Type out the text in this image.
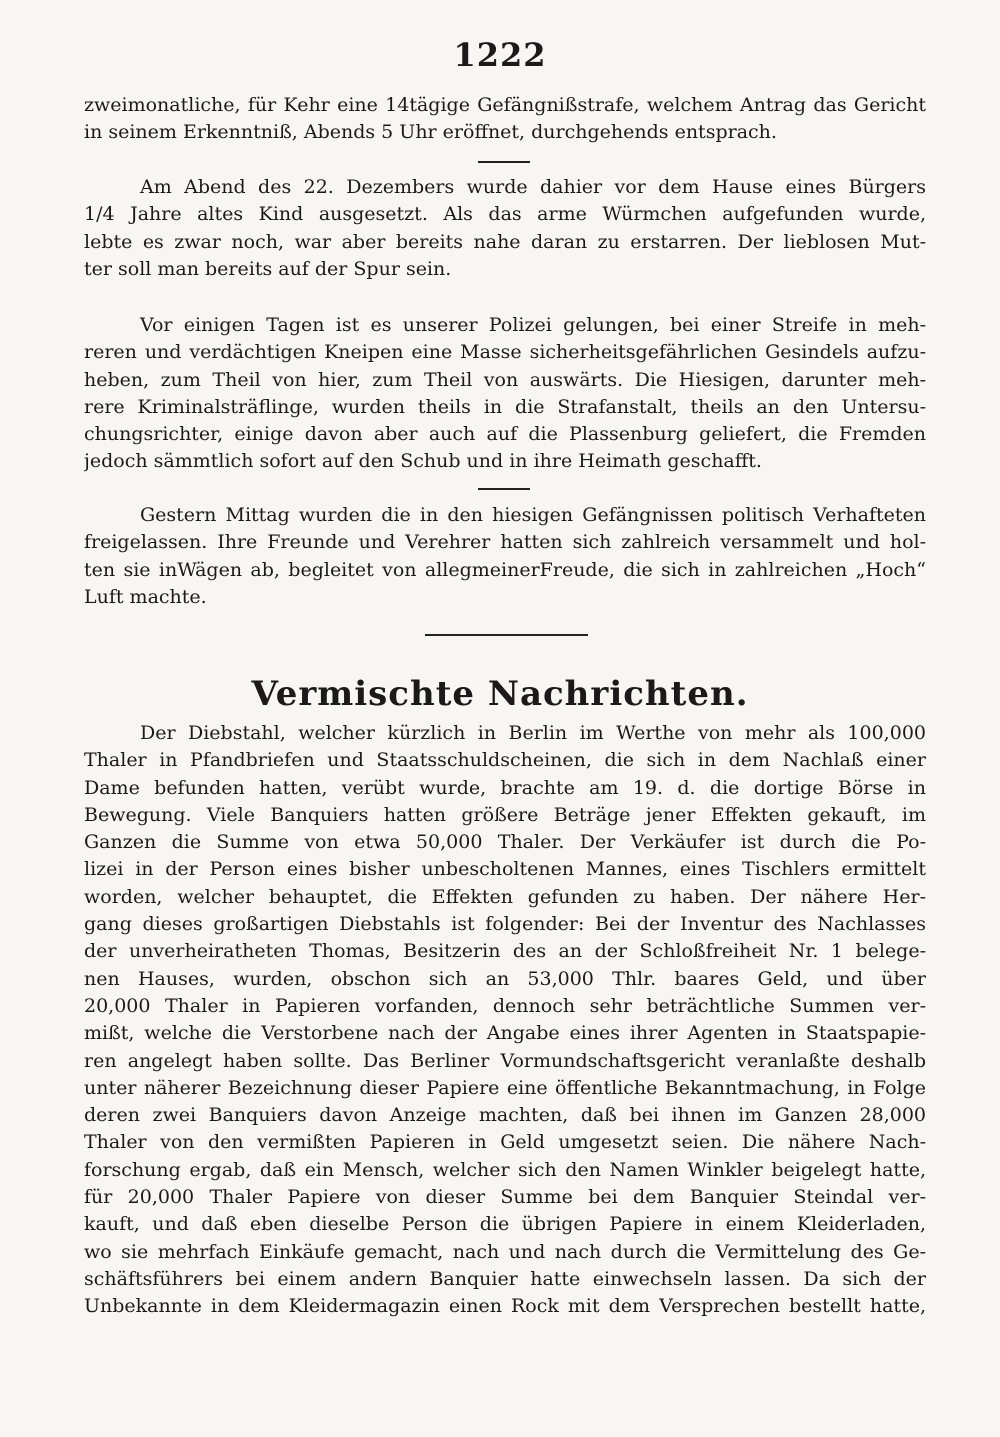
1222
zweimonatliche, für Kehr eine 14tägige Gefängnißstrafe, welchem Antrag das Gericht
in seinem Erkenntniß, Abends 5 Uhr eröffnet, durchgehends entsprach.
Am Abend des 22. Dezembers wurde dahier vor dem Hause eines Bürgers
1/4 Jahre altes Kind ausgesetzt. Als das arme Würmchen aufgefunden wurde,
lebte es zwar noch, war aber bereits nahe daran zu erstarren. Der lieblosen Mut-
ter soll man bereits auf der Spur sein.
Vor einigen Tagen ist es unserer Polizei gelungen, bei einer Streife in meh-
reren und verdächtigen Kneipen eine Masse sicherheitsgefährlichen Gesindels aufzu-
heben, zum Theil von hier, zum Theil von auswärts. Die Hiesigen, darunter meh-
rere Kriminalsträflinge, wurden theils in die Strafanstalt, theils an den Untersu-
chungsrichter, einige davon aber auch auf die Plassenburg geliefert, die Fremden
jedoch sämmtlich sofort auf den Schub und in ihre Heimath geschafft.
Gestern Mittag wurden die in den hiesigen Gefängnissen politisch Verhafteten
freigelassen. Ihre Freunde und Verehrer hatten sich zahlreich versammelt und hol-
ten sie inWägen ab, begleitet von allegmeinerFreude, die sich in zahlreichen „Hoch“
Luft machte.
Vermischte Nachrichten.
Der Diebstahl, welcher kürzlich in Berlin im Werthe von mehr als 100,000
Thaler in Pfandbriefen und Staatsschuldscheinen, die sich in dem Nachlaß einer
Dame befunden hatten, verübt wurde, brachte am 19. d. die dortige Börse in
Bewegung. Viele Banquiers hatten größere Beträge jener Effekten gekauft, im
Ganzen die Summe von etwa 50,000 Thaler. Der Verkäufer ist durch die Po-
lizei in der Person eines bisher unbescholtenen Mannes, eines Tischlers ermittelt
worden, welcher behauptet, die Effekten gefunden zu haben. Der nähere Her-
gang dieses großartigen Diebstahls ist folgender: Bei der Inventur des Nachlasses
der unverheiratheten Thomas, Besitzerin des an der Schloßfreiheit Nr. 1 belege-
nen Hauses, wurden, obschon sich an 53,000 Thlr. baares Geld, und über
20,000 Thaler in Papieren vorfanden, dennoch sehr beträchtliche Summen ver-
mißt, welche die Verstorbene nach der Angabe eines ihrer Agenten in Staatspapie-
ren angelegt haben sollte. Das Berliner Vormundschaftsgericht veranlaßte deshalb
unter näherer Bezeichnung dieser Papiere eine öffentliche Bekanntmachung, in Folge
deren zwei Banquiers davon Anzeige machten, daß bei ihnen im Ganzen 28,000
Thaler von den vermißten Papieren in Geld umgesetzt seien. Die nähere Nach-
forschung ergab, daß ein Mensch, welcher sich den Namen Winkler beigelegt hatte,
für 20,000 Thaler Papiere von dieser Summe bei dem Banquier Steindal ver-
kauft, und daß eben dieselbe Person die übrigen Papiere in einem Kleiderladen,
wo sie mehrfach Einkäufe gemacht, nach und nach durch die Vermittelung des Ge-
schäftsführers bei einem andern Banquier hatte einwechseln lassen. Da sich der
Unbekannte in dem Kleidermagazin einen Rock mit dem Versprechen bestellt hatte,
